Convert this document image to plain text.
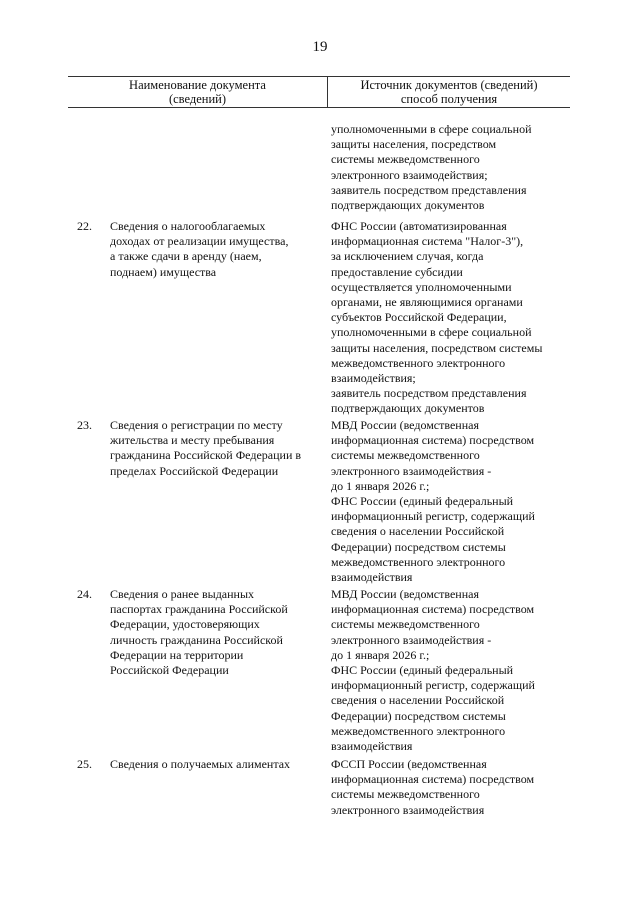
19
Наименование документа
(сведений)
Источник документов (сведений)
способ получения
уполномоченными в сфере социальной
защиты населения, посредством
системы межведомственного
электронного взаимодействия;
заявитель посредством представления
подтверждающих документов
22. Сведения о налогооблагаемых
доходах от реализации имущества,
а также сдачи в аренду (наем,
поднаем) имущества
ФНС России (автоматизированная
информационная система "Налог-3"),
за исключением случая, когда
предоставление субсидии
осуществляется уполномоченными
органами, не являющимися органами
субъектов Российской Федерации,
уполномоченными в сфере социальной
защиты населения, посредством системы
межведомственного электронного
взаимодействия;
заявитель посредством представления
подтверждающих документов
23. Сведения о регистрации по месту
жительства и месту пребывания
гражданина Российской Федерации в
пределах Российской Федерации
МВД России (ведомственная
информационная система) посредством
системы межведомственного
электронного взаимодействия -
до 1 января 2026 г.;
ФНС России (единый федеральный
информационный регистр, содержащий
сведения о населении Российской
Федерации) посредством системы
межведомственного электронного
взаимодействия
24. Сведения о ранее выданных
паспортах гражданина Российской
Федерации, удостоверяющих
личность гражданина Российской
Федерации на территории
Российской Федерации
МВД России (ведомственная
информационная система) посредством
системы межведомственного
электронного взаимодействия -
до 1 января 2026 г.;
ФНС России (единый федеральный
информационный регистр, содержащий
сведения о населении Российской
Федерации) посредством системы
межведомственного электронного
взаимодействия
25. Сведения о получаемых алиментах	ФССП России (ведомственная
информационная система) посредством
системы межведомственного
электронного взаимодействия
